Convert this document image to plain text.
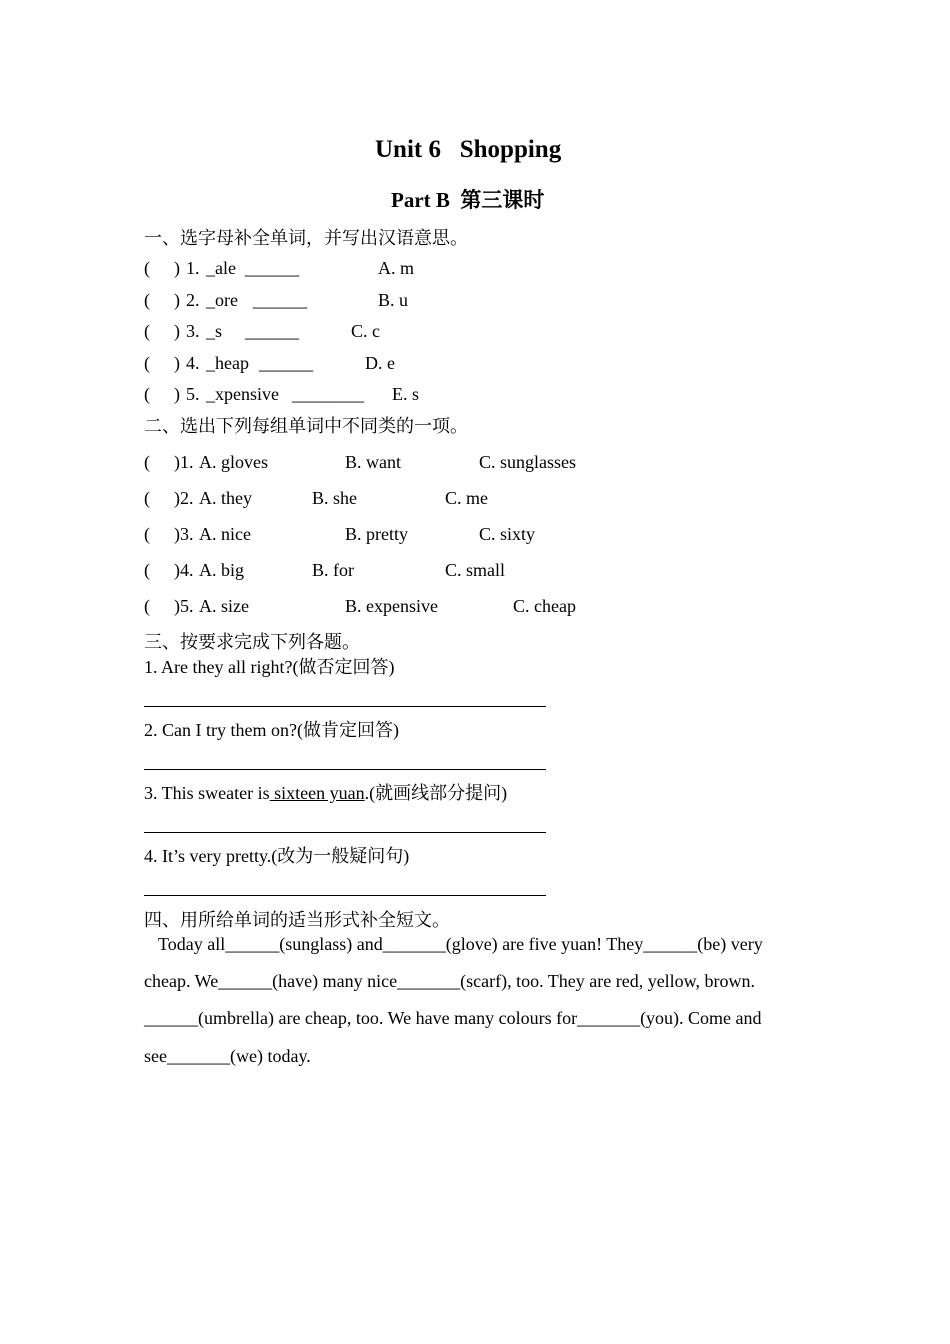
Unit 6   Shopping
Part B  第三课时
一、选字母补全单词，并写出汉语意思。
( ) 1. _ale ______	A. m
( ) 2. _ore ______	B. u
( ) 3. _s ______	C. c
( ) 4. _heap ______	D. e
( ) 5. _xpensive ________ E. s
二、选出下列每组单词中不同类的一项。
( )1. A. gloves	B. want	C. sunglasses
( )2. A. they	B. she	C. me
( )3. A. nice	B. pretty	C. sixty
( )4. A. big	B. for	C. small
( )5. A. size	B. expensive	C. cheap
三、按要求完成下列各题。
1. Are they all right?(做否定回答)
2. Can I try them on?(做肯定回答)
3. This sweater is sixteen yuan.(就画线部分提问)
4. It’s very pretty.(改为一般疑问句)
四、用所给单词的适当形式补全短文。
Today all______(sunglass) and_______(glove) are five yuan! They______(be) very
cheap. We______(have) many nice_______(scarf), too. They are red, yellow, brown.
______(umbrella) are cheap, too. We have many colours for_______(you). Come and
see_______(we) today.
